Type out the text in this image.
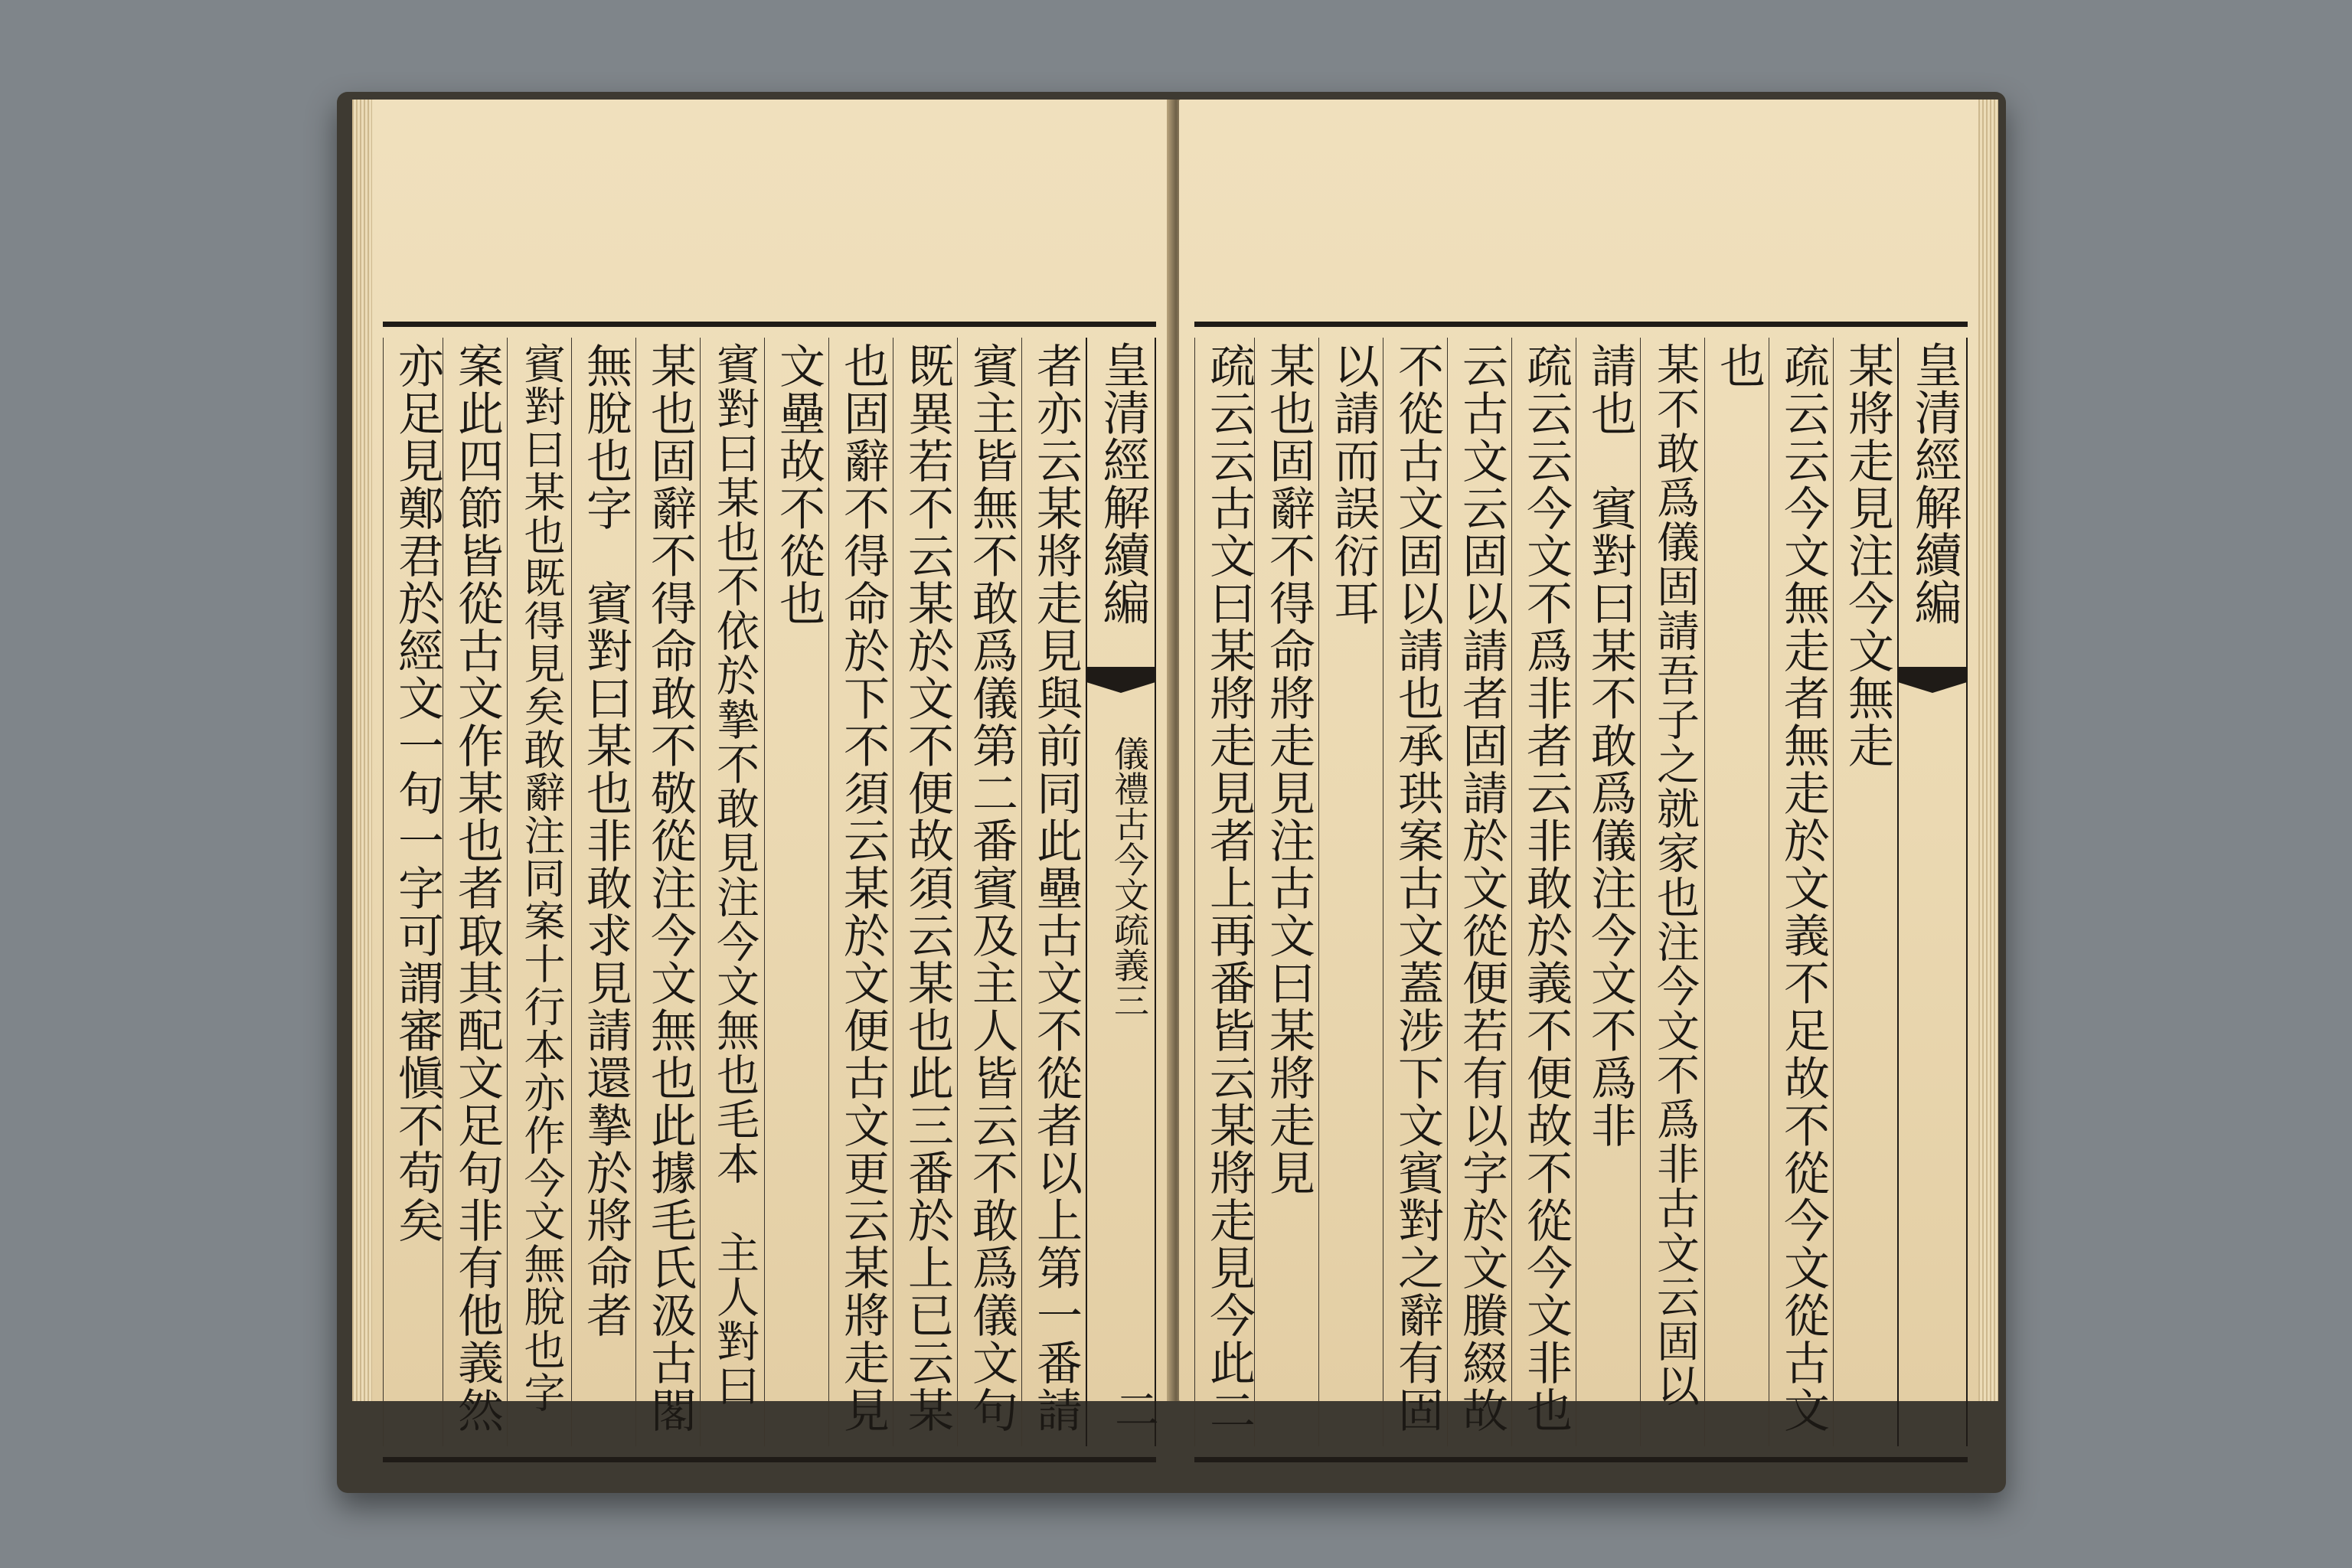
皇清經解續編
儀禮古今文疏義三
二
者亦云某將走見與前同此壘古文不從者以上第一番請
賓主皆無不敢爲儀第二番賓及主人皆云不敢爲儀文句
既異若不云某於文不便故須云某也此三番於上已云某
也固辭不得命於下不須云某於文便古文更云某將走見
文壘故不從也
賓對曰某也不依於摯不敢見注今文無也毛本　主人對曰
某也固辭不得命敢不敬從注今文無也此據毛氏汲古閣
無脫也字　賓對曰某也非敢求見請還摯於將命者
賓對曰某也既得見矣敢辭注同案十行本亦作今文無脫也字
案此四節皆從古文作某也者取其配文足句非有他義然
亦足見鄭君於經文一句一字可謂審愼不苟矣	皇清經解續編
某將走見注今文無走
疏云云今文無走者無走於文義不足故不從今文從古文
也
某不敢爲儀固請吾子之就家也注今文不爲非古文云固以
請也　賓對曰某不敢爲儀注今文不爲非
疏云云今文不爲非者云非敢於義不便故不從今文非也
云古文云固以請者固請於文從便若有以字於文賸綴故
不從古文固以請也承珙案古文蓋涉下文賓對之辭有固
以請而誤衍耳
某也固辭不得命將走見注古文曰某將走見
疏云云古文曰某將走見者上再番皆云某將走見今此二
